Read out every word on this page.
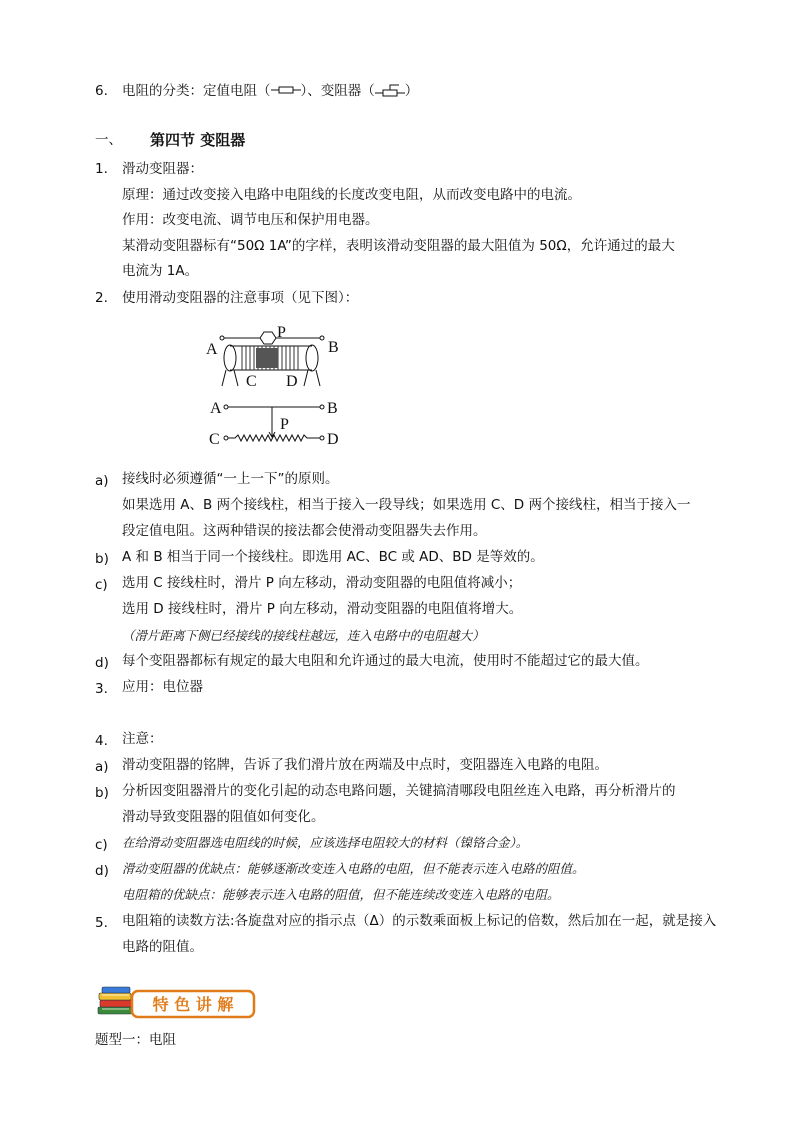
6. 电阻的分类：定值电阻（ ）、变阻器（ ）
一、 第四节 变阻器
1. 滑动变阻器：
原理：通过改变接入电路中电阻线的长度改变电阻，从而改变电路中的电流。
作用：改变电流、调节电压和保护用电器。
某滑动变阻器标有“50Ω 1A”的字样，表明该滑动变阻器的最大阻值为 50Ω，允许通过的最大
电流为 1A。
2. 使用滑动变阻器的注意事项（见下图）：
A
P
B
C D
A	B
P
C	D
a) 接线时必须遵循“一上一下”的原则。
如果选用 A、B 两个接线柱，相当于接入一段导线；如果选用 C、D 两个接线柱，相当于接入一
段定值电阻。这两种错误的接法都会使滑动变阻器失去作用。
b) A 和 B 相当于同一个接线柱。即选用 AC、BC 或 AD、BD 是等效的。
c) 选用 C 接线柱时，滑片 P 向左移动，滑动变阻器的电阻值将减小；
选用 D 接线柱时，滑片 P 向左移动，滑动变阻器的电阻值将增大。
（滑片距离下侧已经接线的接线柱越远，连入电路中的电阻越大）
d) 每个变阻器都标有规定的最大电阻和允许通过的最大电流，使用时不能超过它的最大值。
3. 应用：电位器
4. 注意：
a) 滑动变阻器的铭牌，告诉了我们滑片放在两端及中点时，变阻器连入电路的电阻。
b) 分析因变阻器滑片的变化引起的动态电路问题，关键搞清哪段电阻丝连入电路，再分析滑片的
滑动导致变阻器的阻值如何变化。
c) 在给滑动变阻器选电阻线的时候，应该选择电阻较大的材料（镍铬合金）。
d) 滑动变阻器的优缺点：能够逐渐改变连入电路的电阻，但不能表示连入电路的阻值。
电阻箱的优缺点：能够表示连入电路的阻值，但不能连续改变连入电路的电阻。
5. 电阻箱的读数方法:各旋盘对应的指示点（Δ）的示数乘面板上标记的倍数，然后加在一起，就是接入
电路的阻值。
特 色 讲 解
题型一：电阻
